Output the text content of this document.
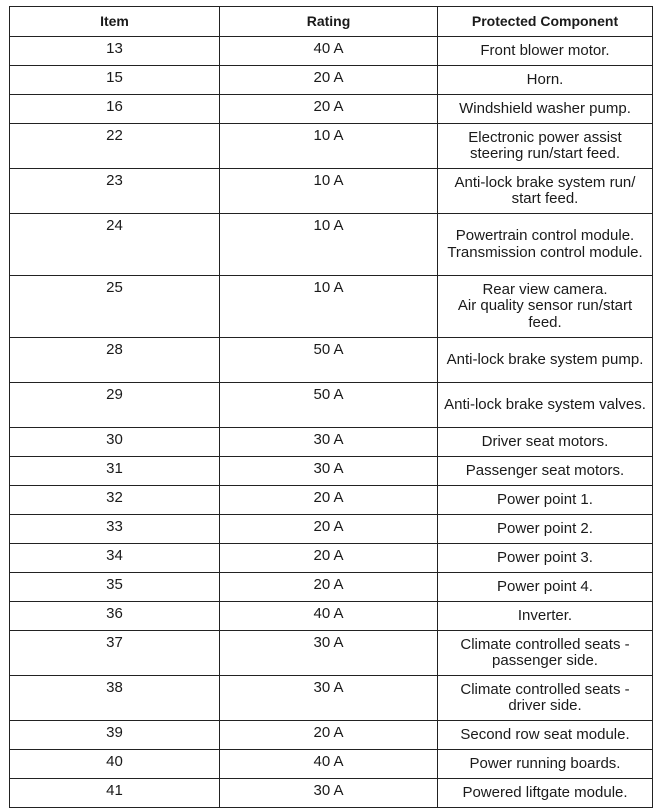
Item	Rating	Protected Component
13	40 A	Front blower motor.
15	20 A	Horn.
16	20 A	Windshield washer pump.
22	10 A	Electronic power assist steering run/start feed.
23	10 A	Anti-lock brake system run/ start feed.
24	10 A	Powertrain control module.
Transmission control module.
25	10 A	Rear view camera.
Air quality sensor run/start feed.
28	50 A	Anti-lock brake system pump.
29	50 A	Anti-lock brake system valves.
30	30 A	Driver seat motors.
31	30 A	Passenger seat motors.
32	20 A	Power point 1.
33	20 A	Power point 2.
34	20 A	Power point 3.
35	20 A	Power point 4.
36	40 A	Inverter.
37	30 A	Climate controlled seats - passenger side.
38	30 A	Climate controlled seats - driver side.
39	20 A	Second row seat module.
40	40 A	Power running boards.
41	30 A	Powered liftgate module.
